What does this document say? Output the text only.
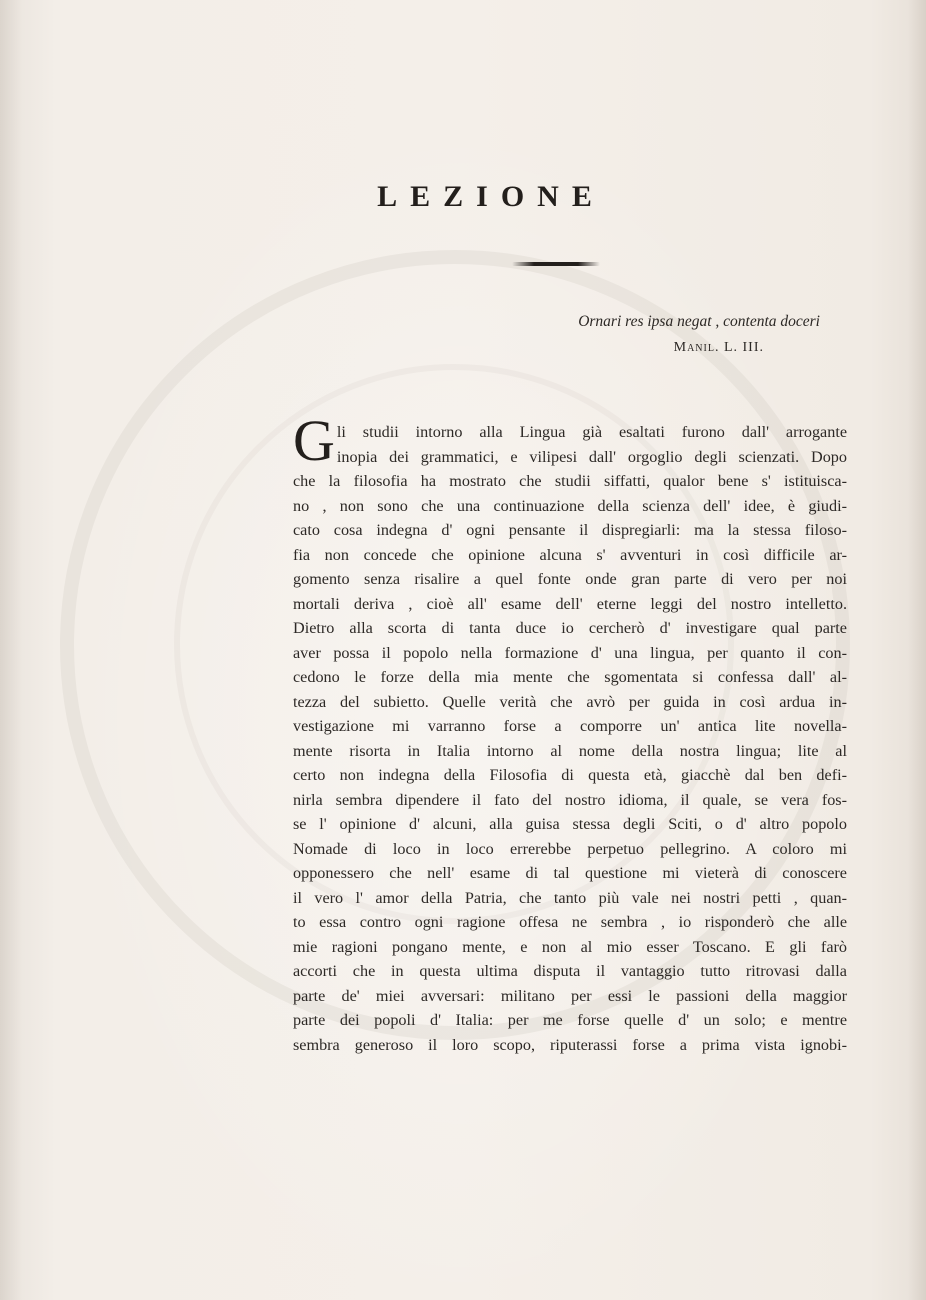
LEZIONE
Ornari res ipsa negat , contenta doceri
Manil. L. III.
G li studii intorno alla Lingua già esaltati furono dall' arrogante
inopia dei grammatici, e vilipesi dall' orgoglio degli scienzati. Dopo
che la filosofia ha mostrato che studii siffatti, qualor bene s' istituisca-
no , non sono che una continuazione della scienza dell' idee, è giudi-
cato cosa indegna d' ogni pensante il dispregiarli: ma la stessa filoso-
fia non concede che opinione alcuna s' avventuri in così difficile ar-
gomento senza risalire a quel fonte onde gran parte di vero per noi
mortali deriva , cioè all' esame dell' eterne leggi del nostro intelletto.
Dietro alla scorta di tanta duce io cercherò d' investigare qual parte
aver possa il popolo nella formazione d' una lingua, per quanto il con-
cedono le forze della mia mente che sgomentata si confessa dall' al-
tezza del subietto. Quelle verità che avrò per guida in così ardua in-
vestigazione mi varranno forse a comporre un' antica lite novella-
mente risorta in Italia intorno al nome della nostra lingua; lite al
certo non indegna della Filosofia di questa età, giacchè dal ben defi-
nirla sembra dipendere il fato del nostro idioma, il quale, se vera fos-
se l' opinione d' alcuni, alla guisa stessa degli Sciti, o d' altro popolo
Nomade di loco in loco errerebbe perpetuo pellegrino. A coloro mi
opponessero che nell' esame di tal questione mi vieterà di conoscere
il vero l' amor della Patria, che tanto più vale nei nostri petti , quan-
to essa contro ogni ragione offesa ne sembra , io risponderò che alle
mie ragioni pongano mente, e non al mio esser Toscano. E gli farò
accorti che in questa ultima disputa il vantaggio tutto ritrovasi dalla
parte de' miei avversari: militano per essi le passioni della maggior
parte dei popoli d' Italia: per me forse quelle d' un solo; e mentre
sembra generoso il loro scopo, riputerassi forse a prima vista ignobi-
